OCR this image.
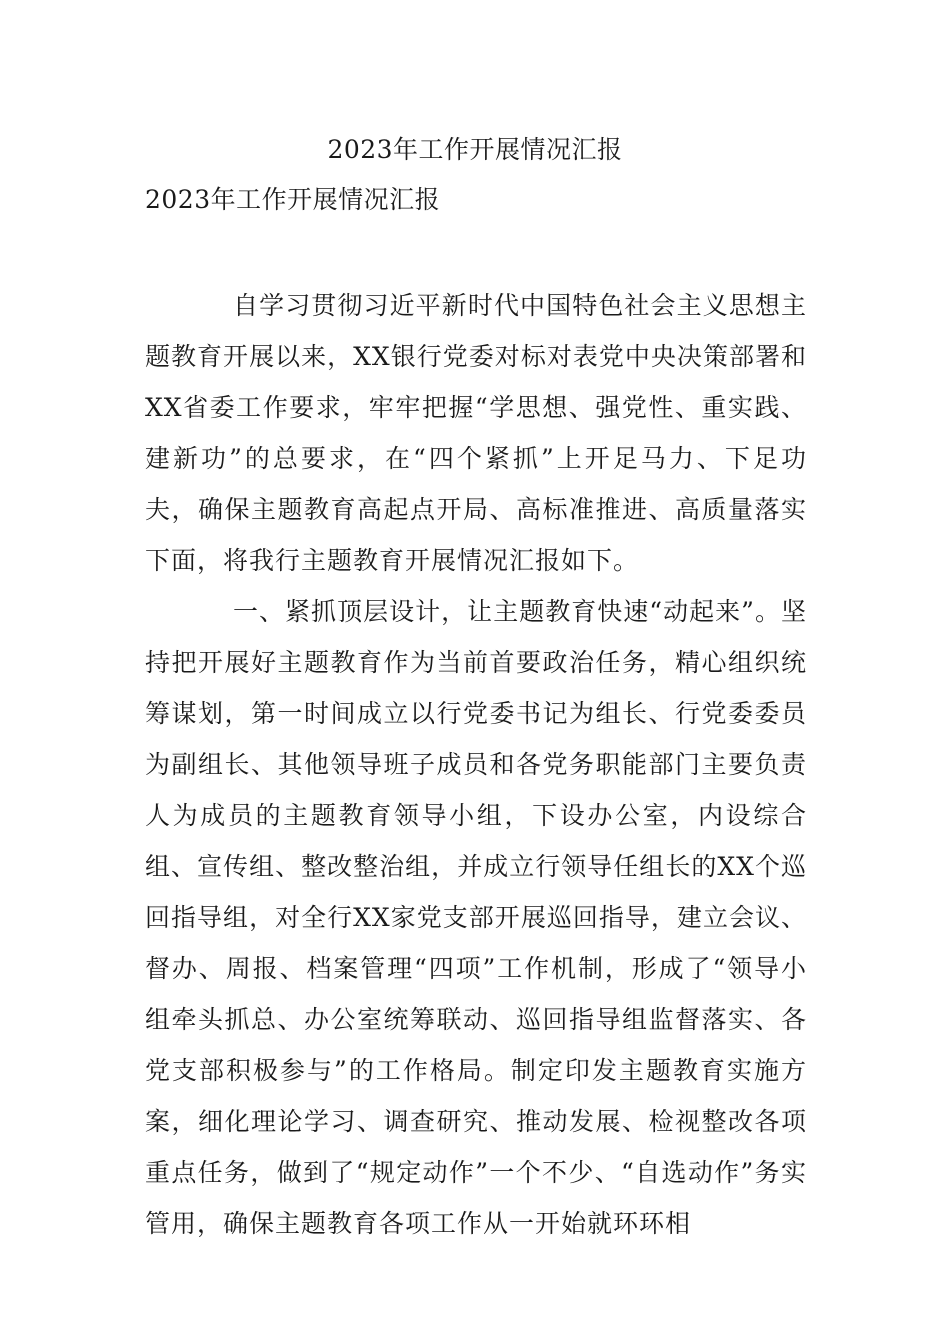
2023年工作开展情况汇报
2023年工作开展情况汇报

自学习贯彻习近平新时代中国特色社会主义思想主题教育开展以来，XX银行党委对标对表党中央决策部署和XX省委工作要求，牢牢把握“学思想、强党性、重实践、建新功”的总要求，在“四个紧抓”上开足马力、下足功夫，确保主题教育高起点开局、高标准推进、高质量落实下面，将我行主题教育开展情况汇报如下。

一、紧抓顶层设计，让主题教育快速“动起来”。坚持把开展好主题教育作为当前首要政治任务，精心组织统筹谋划，第一时间成立以行党委书记为组长、行党委委员为副组长、其他领导班子成员和各党务职能部门主要负责人为成员的主题教育领导小组，下设办公室，内设综合组、宣传组、整改整治组，并成立行领导任组长的XX个巡回指导组，对全行XX家党支部开展巡回指导，建立会议、督办、周报、档案管理“四项”工作机制，形成了“领导小组牵头抓总、办公室统筹联动、巡回指导组监督落实、各党支部积极参与”的工作格局。制定印发主题教育实施方案，细化理论学习、调查研究、推动发展、检视整改各项重点任务，做到了“规定动作”一个不少、“自选动作”务实管用，确保主题教育各项工作从一开始就环环相
